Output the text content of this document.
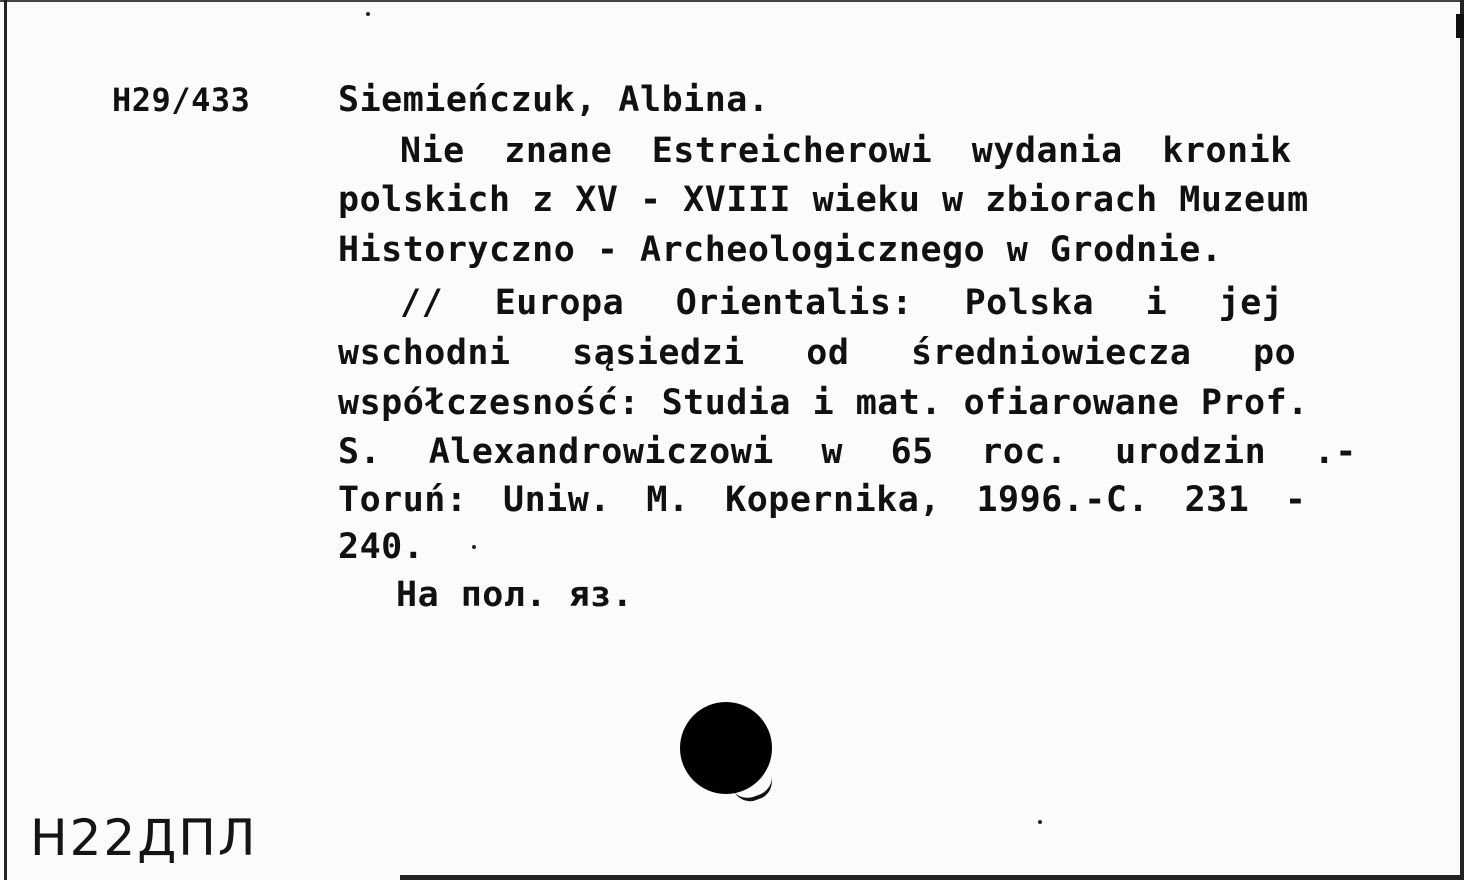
H29/433	Siemieńczuk, Albina.
Nie znane Estreicherowi wydania kronik
polskich z XV - XVIII wieku w zbiorach Muzeum
Historyczno - Archeologicznego w Grodnie.
// Europa Orientalis: Polska i jej
wschodni sąsiedzi od średniowiecza po
współczesność: Studia i mat. ofiarowane Prof.
S. Alexandrowiczowi w 65 roc. urodzin .-
Toruń: Uniw. M. Kopernika, 1996.-C. 231 -
240.
На пол. яз.
Н22ДПЛ
